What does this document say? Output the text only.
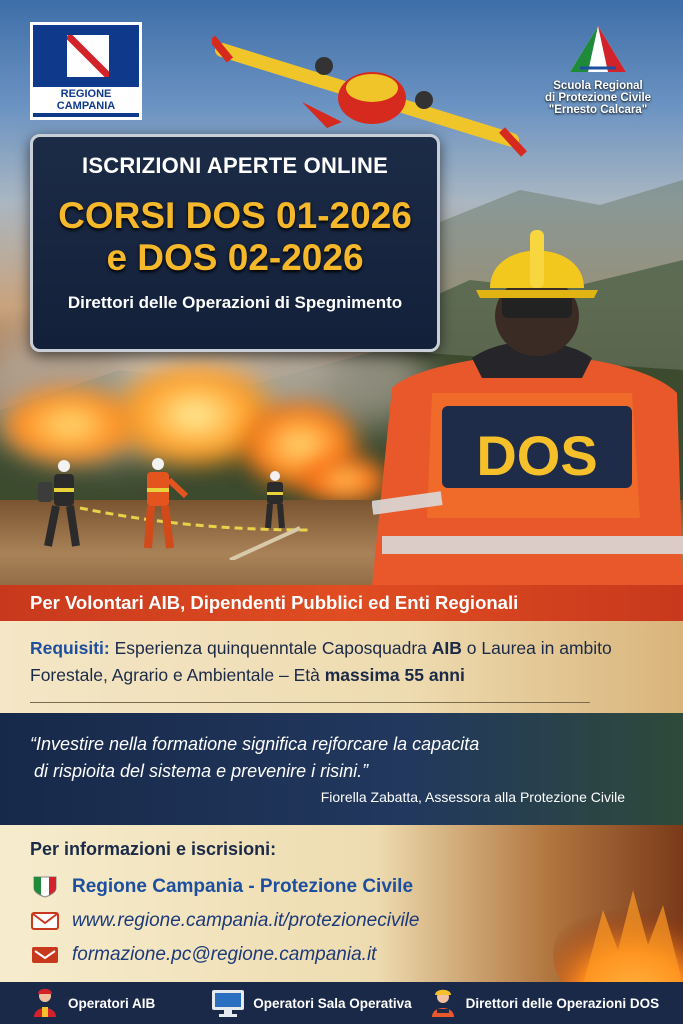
DOS
REGIONE CAMPANIA
Scuola Regional
di Protezione Civile
"Ernesto Calcara"
ISCRIZIONI APERTE ONLINE
CORSI DOS 01-2026
e DOS 02-2026
Direttori delle Operazioni di Spegnimento
Per Volontari AIB, Dipendenti Pubblici ed Enti Regionali
Requisiti: Esperienza quinquenntale Caposquadra AIB o Laurea in ambito
Forestale, Agrario e Ambientale – Età massima 55 anni
“Investire nella formatione significa rejforcare la capacita
di rispioita del sistema e prevenire i risini.”
Fiorella Zabatta, Assessora alla Protezione Civile
Per informazioni e iscrisioni:
Regione Campania - Protezione Civile
www.regione.campania.it/protezionecivile
formazione.pc@regione.campania.it
Operatori AIB	Operatori Sala Operativa	Direttori delle Operazioni DOS
